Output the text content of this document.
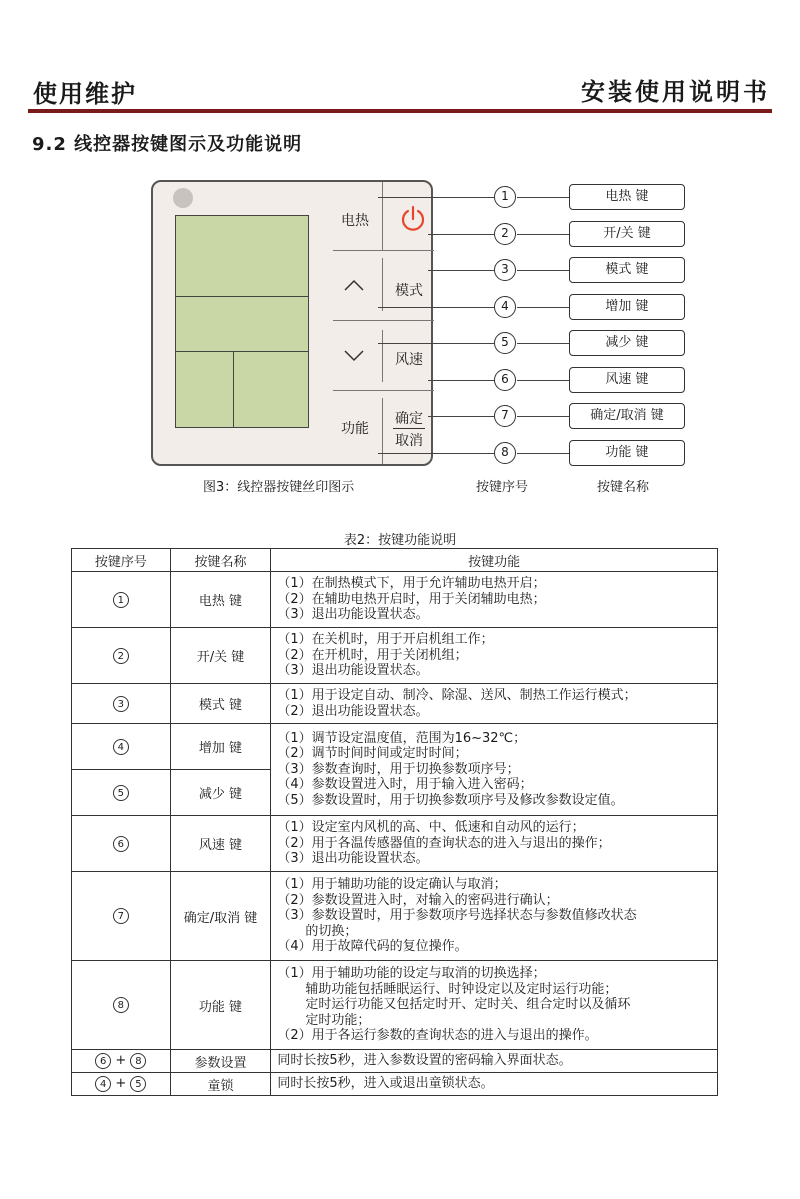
使用维护	安装使用说明书
9.2 线控器按键图示及功能说明
电热
模式
风速
功能
确定
取消
1
2
3
4
5
6
7
8
电热 键
开/关 键
模式 键
增加 键
减少 键
风速 键
确定/取消 键
功能 键
图3：线控器按键丝印图示	按键序号	按键名称
表2：按键功能说明
按键序号	按键名称	按键功能
1	电热 键	（1）在制热模式下，用于允许辅助电热开启；
（2）在辅助电热开启时，用于关闭辅助电热；
（3）退出功能设置状态。

2	开/关 键	（1）在关机时，用于开启机组工作；
（2）在开机时，用于关闭机组；
（3）退出功能设置状态。

3	模式 键	（1）用于设定自动、制冷、除湿、送风、制热工作运行模式；
（2）退出功能设置状态。

4	增加 键	（1）调节设定温度值，范围为16~32℃；
（2）调节时间时间或定时时间；
（3）参数查询时，用于切换参数项序号；
（4）参数设置进入时，用于输入进入密码；
（5）参数设置时，用于切换参数项序号及修改参数设定值。

5	减少 键	
6	风速 键	（1）设定室内风机的高、中、低速和自动风的运行；
（2）用于各温传感器值的查询状态的进入与退出的操作；
（3）退出功能设置状态。

7	确定/取消 键	（1）用于辅助功能的设定确认与取消；
（2）参数设置进入时，对输入的密码进行确认；
（3）参数设置时，用于参数项序号选择状态与参数值修改状态
的切换；
（4）用于故障代码的复位操作。

8	功能 键	（1）用于辅助功能的设定与取消的切换选择；
辅助功能包括睡眠运行、时钟设定以及定时运行功能；
定时运行功能又包括定时开、定时关、组合定时以及循环
定时功能；
（2）用于各运行参数的查询状态的进入与退出的操作。

6 + 8	参数设置	同时长按5秒，进入参数设置的密码输入界面状态。

4 + 5	童锁	同时长按5秒，进入或退出童锁状态。
